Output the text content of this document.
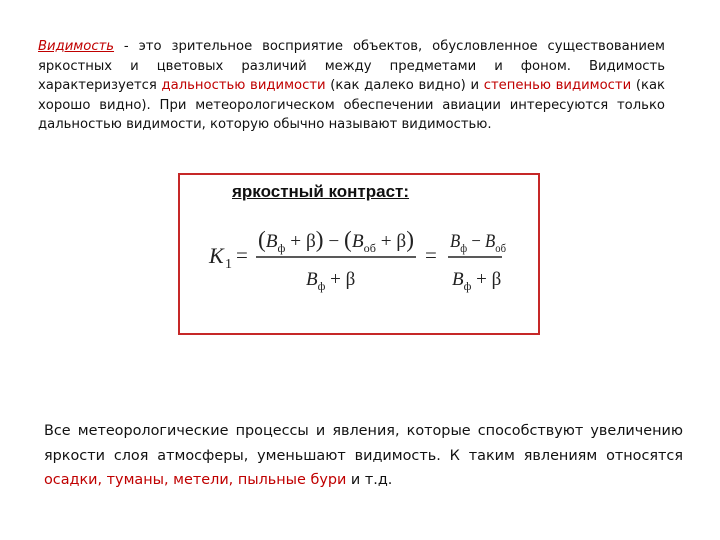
Видимость - это зрительное восприятие объектов, обусловленное существованием яркостных и цветовых различий между предметами и фоном. Видимость характеризуется дальностью видимости (как далеко видно) и степенью видимости (как хорошо видно). При метеорологическом обеспечении авиации интересуются только дальностью видимости, которую обычно называют видимостью.
яркостный контраст:
K 1 =
$(B_ф + \beta) - (B_{об} + \beta)$
$B_ф + \beta$
=
$B_ф - B_{об}$
$B_ф + \beta$
Все метеорологические процессы и явления, которые способствуют увеличению яркости слоя атмосферы, уменьшают видимость. К таким явлениям относятся осадки, туманы, метели, пыльные бури и т.д.
